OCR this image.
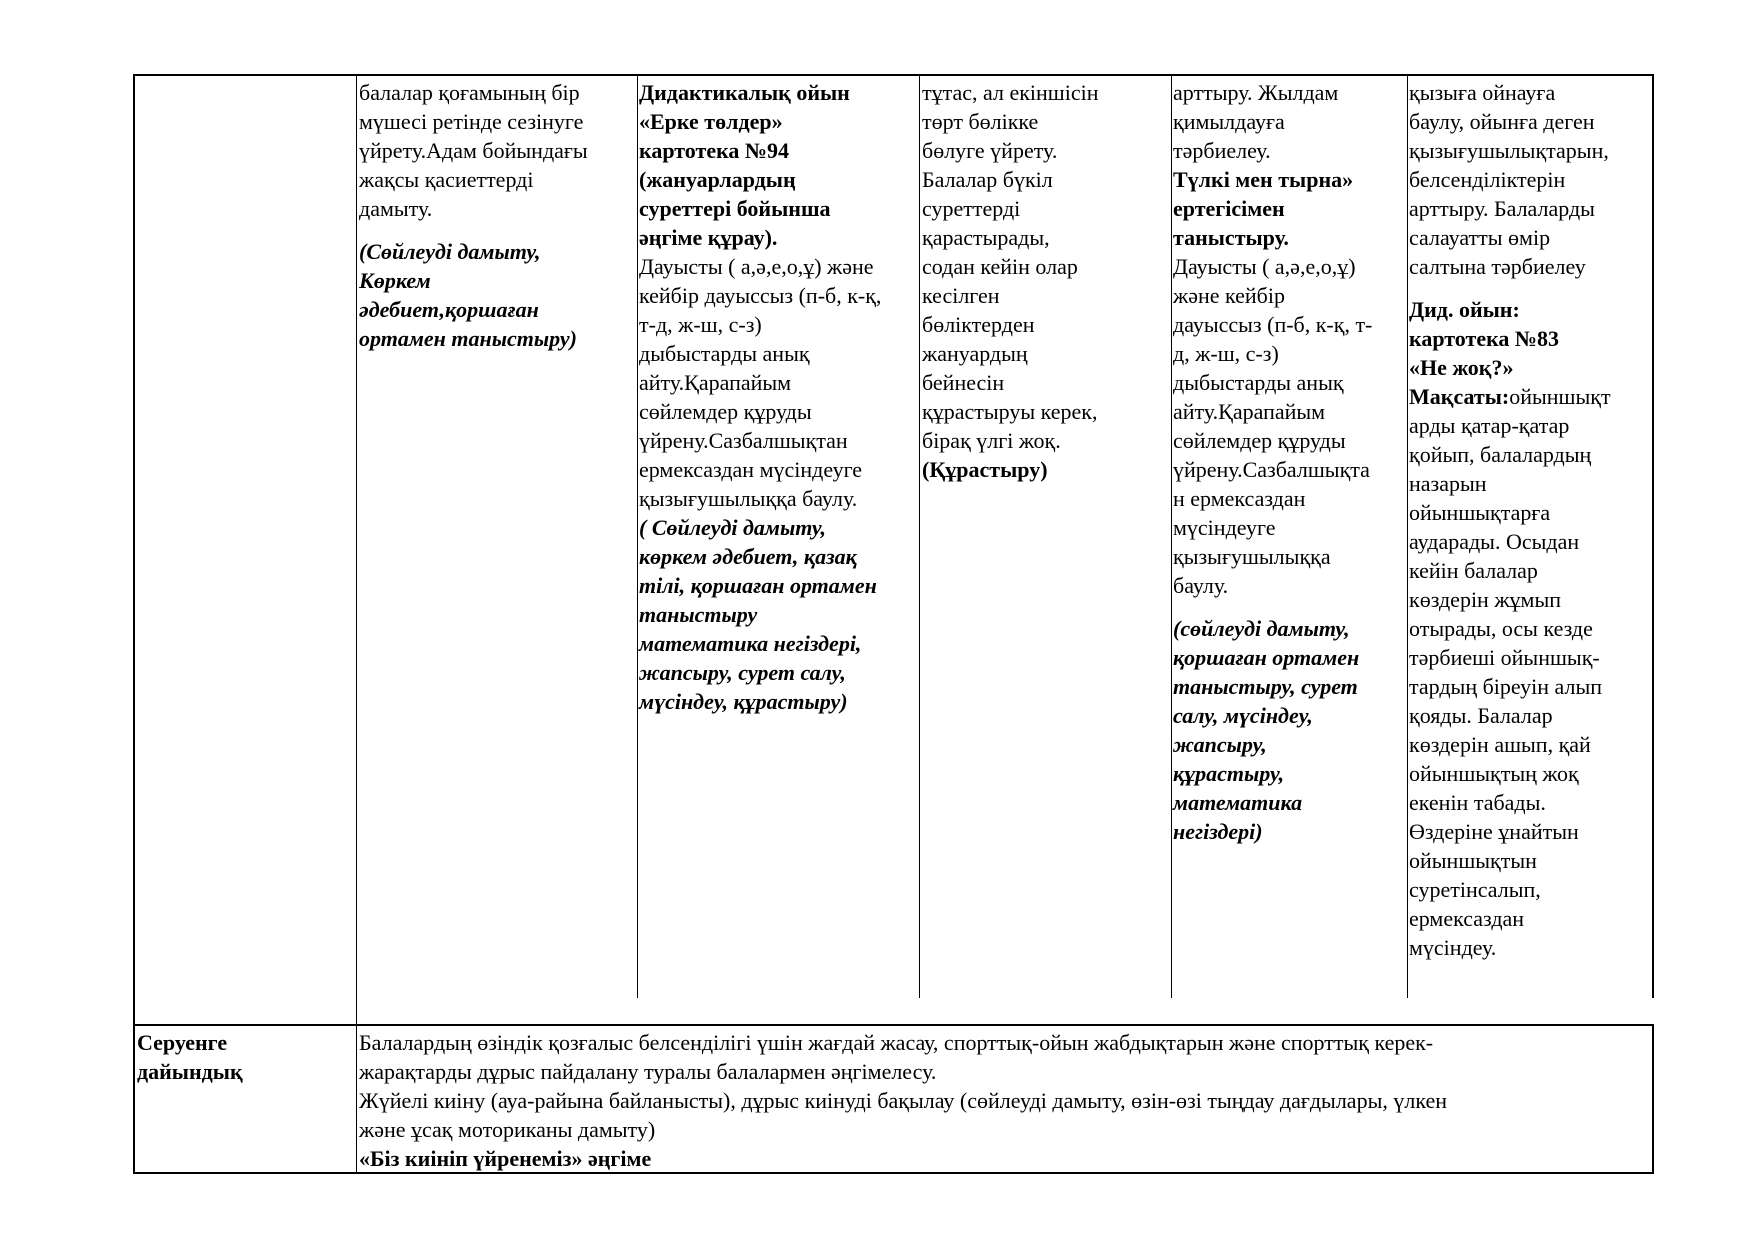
балалар қоғамының бір
мүшесі ретінде сезінуге
үйрету.Адам бойындағы
жақсы қасиеттерді
дамыту.
(Сөйлеуді дамыту,
Көркем
әдебиет,қоршаған
ортамен таныстыру)
Дидактикалық ойын
«Ерке төлдер»
картотека №94
(жануарлардың
суреттері бойынша
әңгіме құрау).
Дауысты ( а,ә,е,о,ұ) және
кейбір дауыссыз (п-б, к-қ,
т-д, ж-ш, с-з)
дыбыстарды анық
айту.Қарапайым
сөйлемдер құруды
үйрену.Сазбалшықтан
ермексаздан мүсіндеуге
қызығушылыққа баулу.
( Сөйлеуді дамыту,
көркем әдебиет, қазақ
тілі, қоршаған ортамен
таныстыру
математика негіздері,
жапсыру, сурет салу,
мүсіндеу, құрастыру)
тұтас, ал екіншісін
төрт бөлікке
бөлуге үйрету.
Балалар бүкіл
суреттерді
қарастырады,
содан кейін олар
кесілген
бөліктерден
жануардың
бейнесін
құрастыруы керек,
бірақ үлгі жоқ.
(Құрастыру)
арттыру. Жылдам
қимылдауға
тәрбиелеу.
Түлкі мен тырна»
ертегісімен
таныстыру.
Дауысты ( а,ә,е,о,ұ)
және кейбір
дауыссыз (п-б, к-қ, т-
д, ж-ш, с-з)
дыбыстарды анық
айту.Қарапайым
сөйлемдер құруды
үйрену.Сазбалшықта
н ермексаздан
мүсіндеуге
қызығушылыққа
баулу.
(сөйлеуді дамыту,
қоршаған ортамен
таныстыру, сурет
салу, мүсіндеу,
жапсыру,
құрастыру,
математика
негіздері)
қызыға ойнауға
баулу, ойынға деген
қызығушылықтарын,
белсенділіктерін
арттыру. Балаларды
салауатты өмір
салтына тәрбиелеу
Дид. ойын:
картотека №83
«Не жоқ?»
Мақсаты:ойыншықт
арды қатар-қатар
қойып, балалардың
назарын
ойыншықтарға
аударады. Осыдан
кейін балалар
көздерін жұмып
отырады, осы кезде
тәрбиеші ойыншық-
тардың біреуін алып
қояды. Балалар
көздерін ашып, қай
ойыншықтың жоқ
екенін табады.
Өздеріне ұнайтын
ойыншықтын
суретінсалып,
ермексаздан
мүсіндеу.
Серуенге
дайындық
Балалардың өзіндік қозғалыс белсенділігі үшін жағдай жасау, спорттық-ойын жабдықтарын және спорттық керек-
жарақтарды дұрыс пайдалану туралы балалармен әңгімелесу.
Жүйелі киіну (ауа-райына байланысты), дұрыс киінуді бақылау (сөйлеуді дамыту, өзін-өзі тыңдау дағдылары, үлкен
және ұсақ моториканы дамыту)
«Біз киініп үйренеміз» әңгіме
